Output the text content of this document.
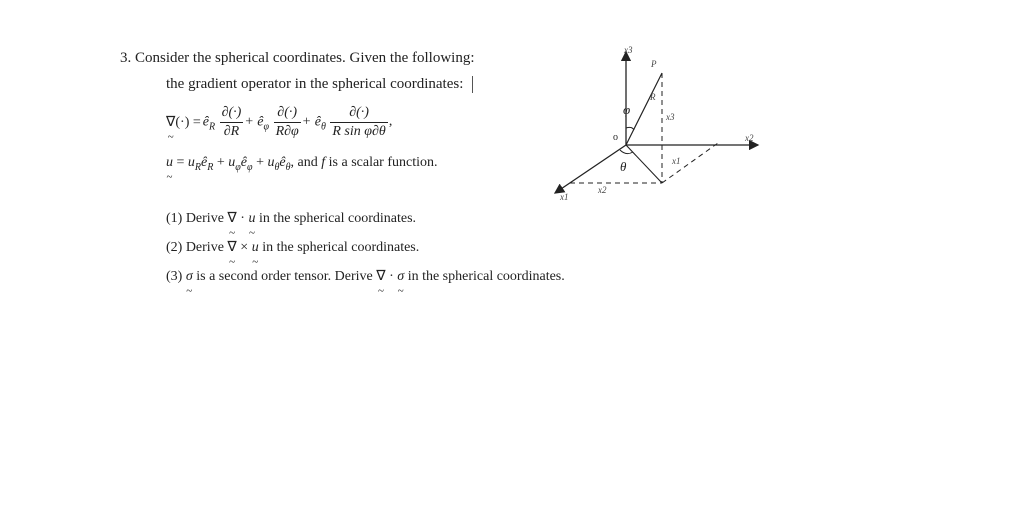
3. Consider the spherical coordinates. Given the following:
the gradient operator in the spherical coordinates:
∇ ~(·) = $ê_R \frac{\partial(\cdot)}{\partial R}$ + $ê_\varphi \frac{\partial(\cdot)}{R\partial\varphi}$ + $ê_\theta \frac{\partial(\cdot)}{\text{R sin φ∂θ}}$ ,
u ~ = $u_Rê_R$ + $u_\varphi ê_\varphi$ + $u_\theta ê_\theta$, and f is a scalar function.
(1) Derive ∇ ~ · u ~ in the spherical coordinates.
(2) Derive ∇ ~ × u ~ in the spherical coordinates.
(3) σ ~ is a second order tensor. Derive ∇ ~ · σ ~ in the spherical coordinates.
x3
x2
x1
o
P
R
x3
x1
x2
φ
θ
